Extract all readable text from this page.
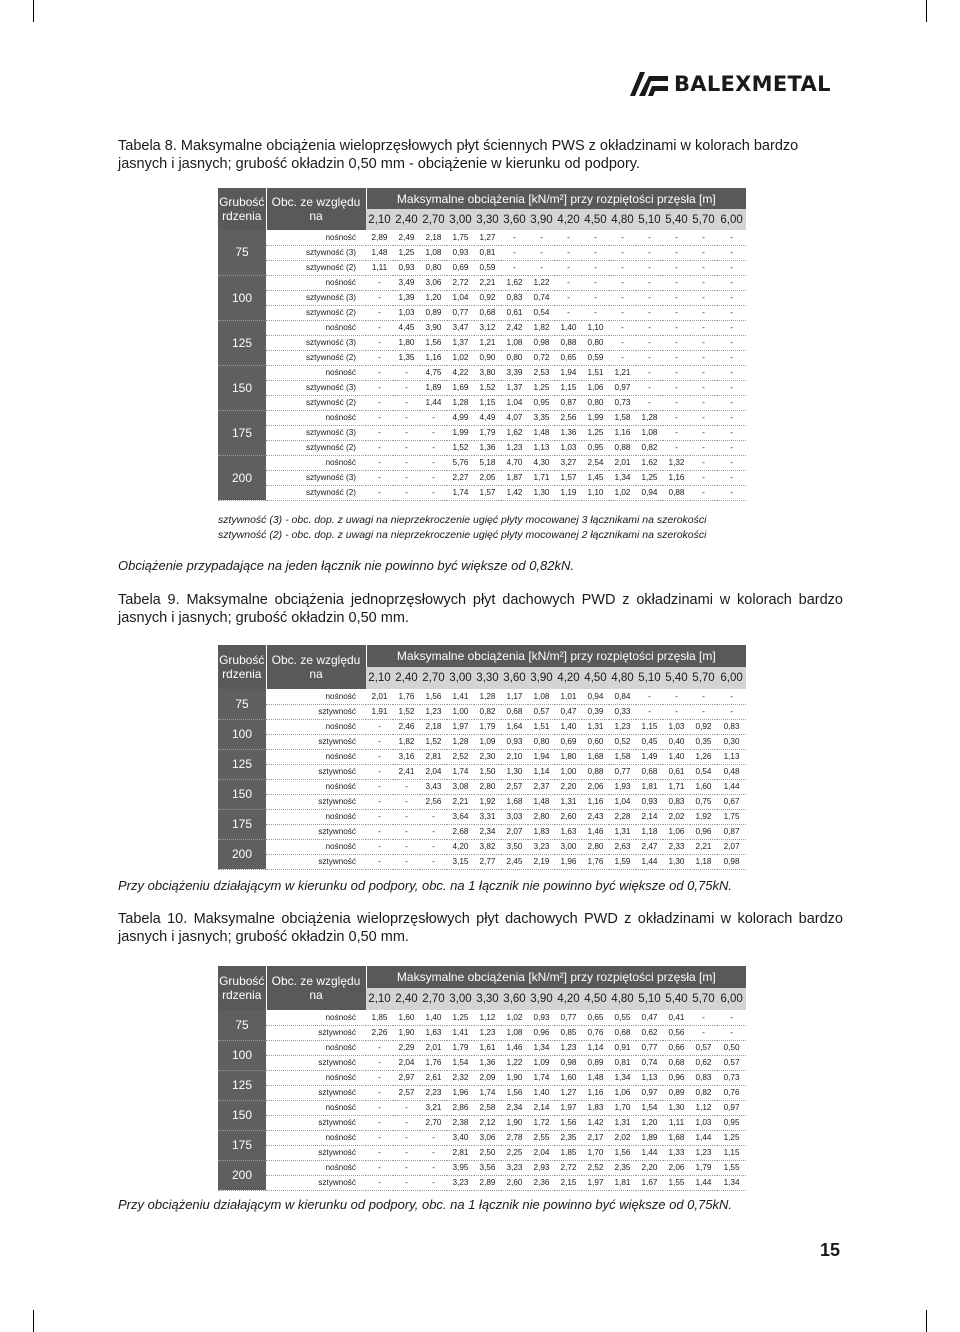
BALEXMETAL
Tabela 8. Maksymalne obciążenia wieloprzęsłowych płyt ściennych PWS z okładzinami w kolorach bardzo jasnych i jasnych; grubość okładzin 0,50 mm - obciążenie w kierunku od podpory.
Grubość rdzenia	Obc. ze względu na	Maksymalne obciążenia [kN/m²] przy rozpiętości przęsła [m]													
		2,10	2,40	2,70	3,00	3,30	3,60	3,90	4,20	4,50	4,80	5,10	5,40	5,70	6,00
75	nośność	2,89	2,49	2,18	1,75	1,27	-	-	-	-	-	-	-	-	-
	sztywność (3)	1,48	1,25	1,08	0,93	0,81	-	-	-	-	-	-	-	-	-
	sztywność (2)	1,11	0,93	0,80	0,69	0,59	-	-	-	-	-	-	-	-	-
100	nośność	-	3,49	3,06	2,72	2,21	1,62	1,22	-	-	-	-	-	-	-
	sztywność (3)	-	1,39	1,20	1,04	0,92	0,83	0,74	-	-	-	-	-	-	-
	sztywność (2)	-	1,03	0,89	0,77	0,68	0,61	0,54	-	-	-	-	-	-	-
125	nośność	-	4,45	3,90	3,47	3,12	2,42	1,82	1,40	1,10	-	-	-	-	-
	sztywność (3)	-	1,80	1,56	1,37	1,21	1,08	0,98	0,88	0,80	-	-	-	-	-
	sztywność (2)	-	1,35	1,16	1,02	0,90	0,80	0,72	0,65	0,59	-	-	-	-	-
150	nośność	-	-	4,75	4,22	3,80	3,39	2,53	1,94	1,51	1,21	-	-	-	-
	sztywność (3)	-	-	1,89	1,69	1,52	1,37	1,25	1,15	1,06	0,97	-	-	-	-
	sztywność (2)	-	-	1,44	1,28	1,15	1,04	0,95	0,87	0,80	0,73	-	-	-	-
175	nośność	-	-	-	4,99	4,49	4,07	3,35	2,56	1,99	1,58	1,28	-	-	-
	sztywność (3)	-	-	-	1,99	1,79	1,62	1,48	1,36	1,25	1,16	1,08	-	-	-
	sztywność (2)	-	-	-	1,52	1,36	1,23	1,13	1,03	0,95	0,88	0,82	-	-	-
200	nośność	-	-	-	5,76	5,18	4,70	4,30	3,27	2,54	2,01	1,62	1,32	-	-
	sztywność (3)	-	-	-	2,27	2,05	1,87	1,71	1,57	1,45	1,34	1,25	1,16	-	-
	sztywność (2)	-	-	-	1,74	1,57	1,42	1,30	1,19	1,10	1,02	0,94	0,88	-	-
sztywność (3) - obc. dop. z uwagi na nieprzekroczenie ugięć płyty mocowanej 3 łącznikami na szerokości
sztywność (2) - obc. dop. z uwagi na nieprzekroczenie ugięć płyty mocowanej 2 łącznikami na szerokości
Obciążenie przypadające na jeden łącznik nie powinno być większe od 0,82kN.
Tabela 9. Maksymalne obciążenia jednoprzęsłowych płyt dachowych PWD z okładzinami w kolorach bardzo jasnych i jasnych; grubość okładzin 0,50 mm.
Grubość rdzenia	Obc. ze względu na	Maksymalne obciążenia [kN/m²] przy rozpiętości przęsła [m]													
		2,10	2,40	2,70	3,00	3,30	3,60	3,90	4,20	4,50	4,80	5,10	5,40	5,70	6,00
75	nośność	2,01	1,76	1,56	1,41	1,28	1,17	1,08	1,01	0,94	0,84	-	-	-	-
	sztywność	1,91	1,52	1,23	1,00	0,82	0,68	0,57	0,47	0,39	0,33	-	-	-	-
100	nośność	-	2,46	2,18	1,97	1,79	1,64	1,51	1,40	1,31	1,23	1,15	1,03	0,92	0,83
	sztywność	-	1,82	1,52	1,28	1,09	0,93	0,80	0,69	0,60	0,52	0,45	0,40	0,35	0,30
125	nośność	-	3,16	2,81	2,52	2,30	2,10	1,94	1,80	1,68	1,58	1,49	1,40	1,26	1,13
	sztywność	-	2,41	2,04	1,74	1,50	1,30	1,14	1,00	0,88	0,77	0,68	0,61	0,54	0,48
150	nośność	-	-	3,43	3,08	2,80	2,57	2,37	2,20	2,06	1,93	1,81	1,71	1,60	1,44
	sztywność	-	-	2,56	2,21	1,92	1,68	1,48	1,31	1,16	1,04	0,93	0,83	0,75	0,67
175	nośność	-	-	-	3,64	3,31	3,03	2,80	2,60	2,43	2,28	2,14	2,02	1,92	1,75
	sztywność	-	-	-	2,68	2,34	2,07	1,83	1,63	1,46	1,31	1,18	1,06	0,96	0,87
200	nośność	-	-	-	4,20	3,82	3,50	3,23	3,00	2,80	2,63	2,47	2,33	2,21	2,07
	sztywność	-	-	-	3,15	2,77	2,45	2,19	1,96	1,76	1,59	1,44	1,30	1,18	0,98
Przy obciążeniu działającym w kierunku od podpory, obc. na 1 łącznik nie powinno być większe od 0,75kN.
Tabela 10. Maksymalne obciążenia wieloprzęsłowych płyt dachowych PWD z okładzinami w kolorach bardzo jasnych i jasnych; grubość okładzin 0,50 mm.
Grubość rdzenia	Obc. ze względu na	Maksymalne obciążenia [kN/m²] przy rozpiętości przęsła [m]													
		2,10	2,40	2,70	3,00	3,30	3,60	3,90	4,20	4,50	4,80	5,10	5,40	5,70	6,00
75	nośność	1,85	1,60	1,40	1,25	1,12	1,02	0,93	0,77	0,65	0,55	0,47	0,41	-	-
	sztywność	2,26	1,90	1,63	1,41	1,23	1,08	0,96	0,85	0,76	0,68	0,62	0,56	-	-
100	nośność	-	2,29	2,01	1,79	1,61	1,46	1,34	1,23	1,14	0,91	0,77	0,66	0,57	0,50
	sztywność	-	2,04	1,76	1,54	1,36	1,22	1,09	0,98	0,89	0,81	0,74	0,68	0,62	0,57
125	nośność	-	2,97	2,61	2,32	2,09	1,90	1,74	1,60	1,48	1,34	1,13	0,96	0,83	0,73
	sztywność	-	2,57	2,23	1,96	1,74	1,56	1,40	1,27	1,16	1,06	0,97	0,89	0,82	0,76
150	nośność	-	-	3,21	2,86	2,58	2,34	2,14	1,97	1,83	1,70	1,54	1,30	1,12	0,97
	sztywność	-	-	2,70	2,38	2,12	1,90	1,72	1,56	1,42	1,31	1,20	1,11	1,03	0,95
175	nośność	-	-	-	3,40	3,06	2,78	2,55	2,35	2,17	2,02	1,89	1,68	1,44	1,25
	sztywność	-	-	-	2,81	2,50	2,25	2,04	1,85	1,70	1,56	1,44	1,33	1,23	1,15
200	nośność	-	-	-	3,95	3,56	3,23	2,93	2,72	2,52	2,35	2,20	2,06	1,79	1,55
	sztywność	-	-	-	3,23	2,89	2,60	2,36	2,15	1,97	1,81	1,67	1,55	1,44	1,34
Przy obciążeniu działającym w kierunku od podpory, obc. na 1 łącznik nie powinno być większe od 0,75kN.
15
